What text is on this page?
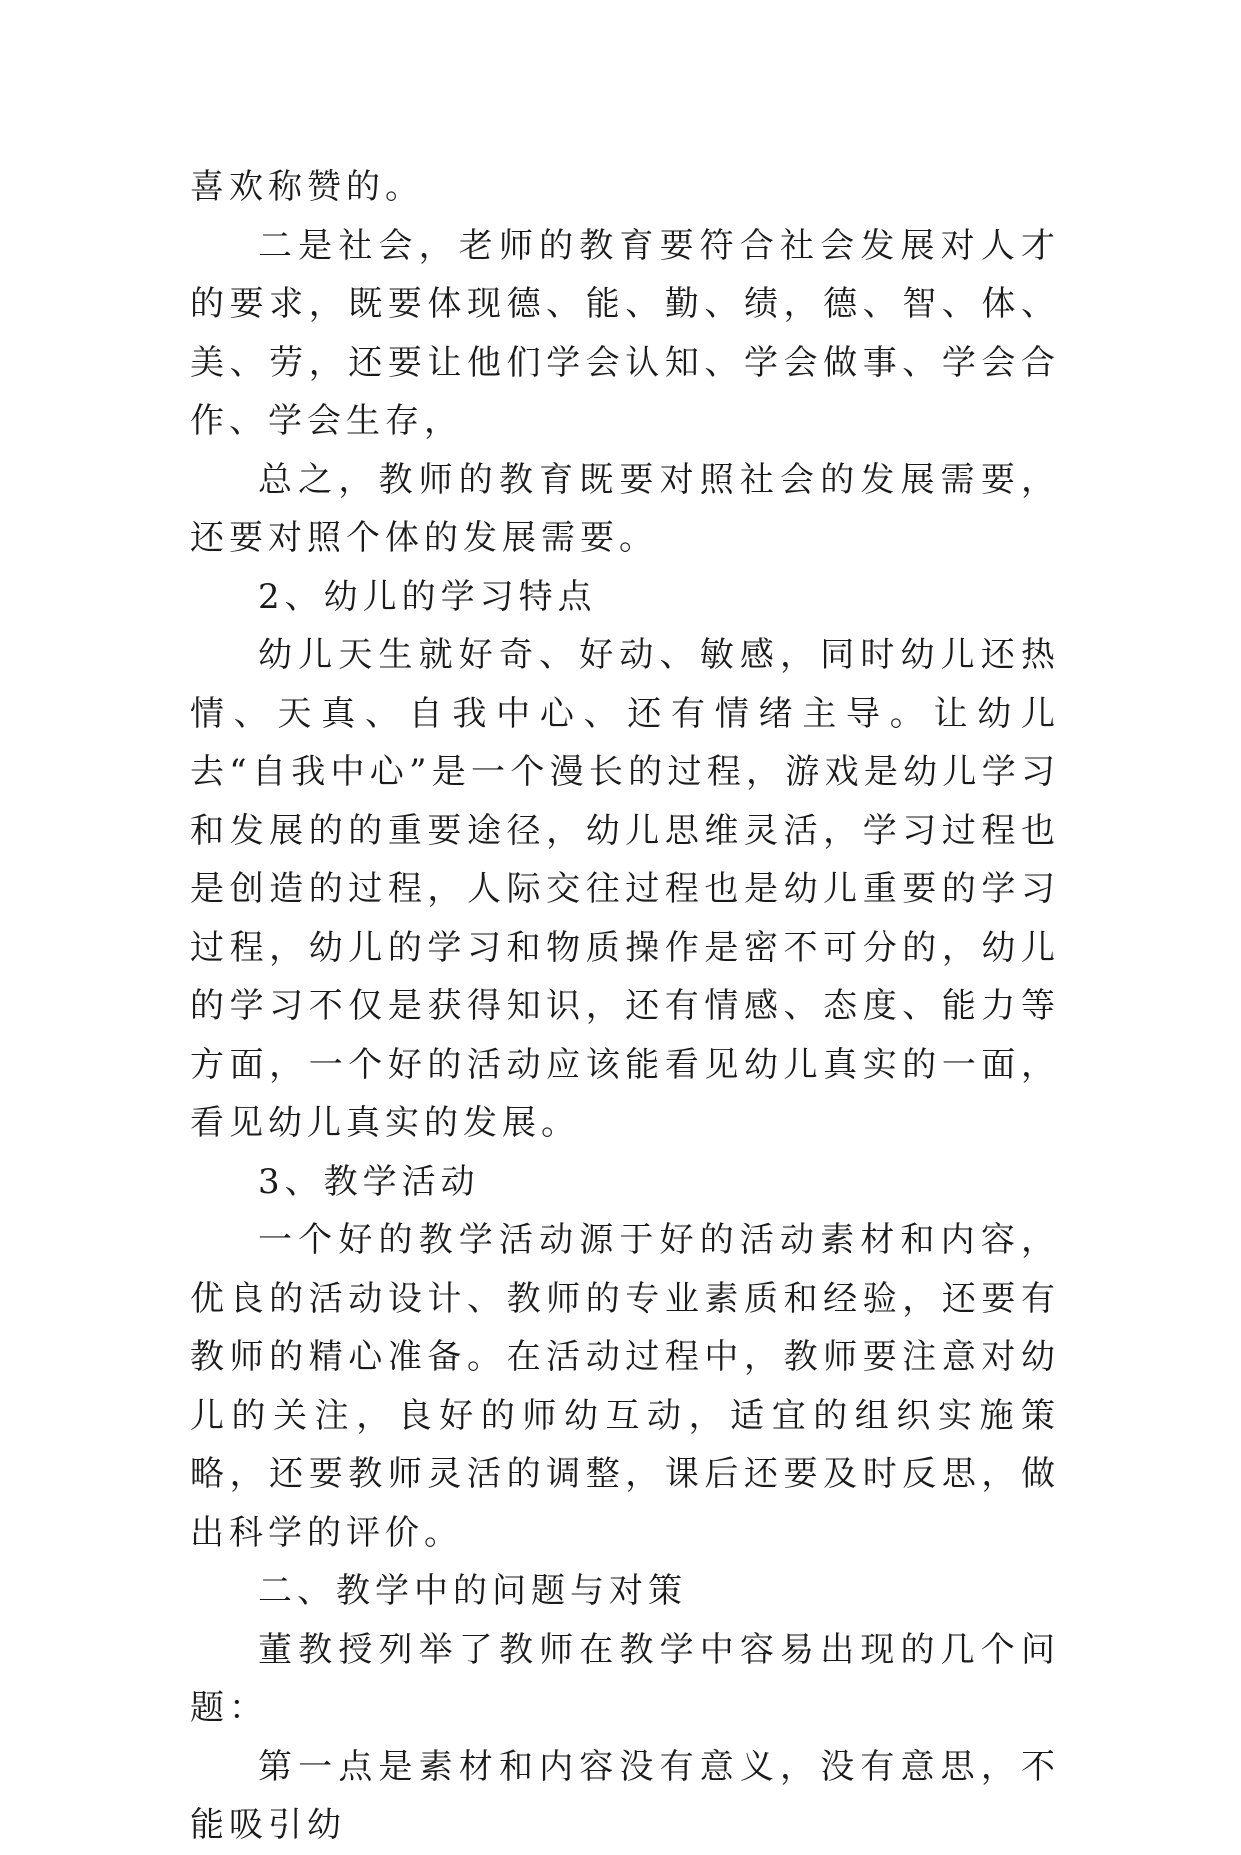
喜欢称赞的。

二是社会，老师的教育要符合社会发展对人才的要求，既要体现德、能、勤、绩，德、智、体、美、劳，还要让他们学会认知、学会做事、学会合作、学会生存，

总之，教师的教育既要对照社会的发展需要，还要对照个体的发展需要。

2、幼儿的学习特点

幼儿天生就好奇、好动、敏感，同时幼儿还热情、天真、自我中心、还有情绪主导。让幼儿去“自我中心”是一个漫长的过程，游戏是幼儿学习和发展的的重要途径，幼儿思维灵活，学习过程也是创造的过程，人际交往过程也是幼儿重要的学习过程，幼儿的学习和物质操作是密不可分的，幼儿的学习不仅是获得知识，还有情感、态度、能力等方面，一个好的活动应该能看见幼儿真实的一面，看见幼儿真实的发展。

3、教学活动

一个好的教学活动源于好的活动素材和内容，优良的活动设计、教师的专业素质和经验，还要有教师的精心准备。在活动过程中，教师要注意对幼儿的关注，良好的师幼互动，适宜的组织实施策略，还要教师灵活的调整，课后还要及时反思，做出科学的评价。

二、教学中的问题与对策

董教授列举了教师在教学中容易出现的几个问题：

第一点是素材和内容没有意义，没有意思，不能吸引幼
